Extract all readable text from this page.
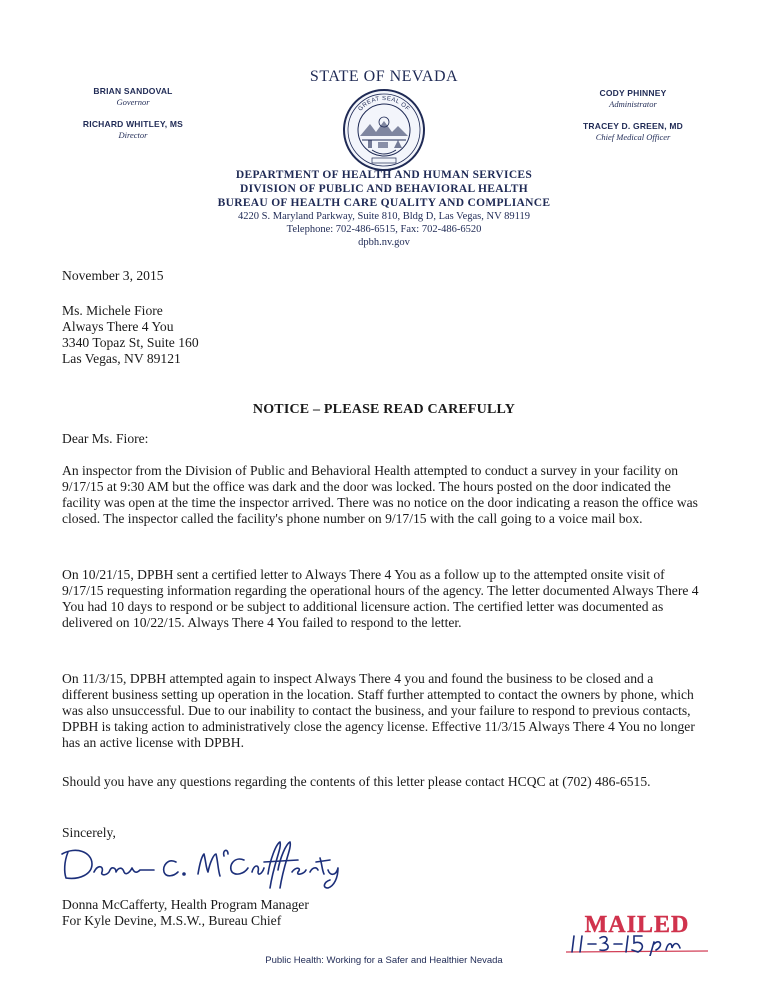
STATE OF NEVADA
BRIAN SANDOVAL
Governor
RICHARD WHITLEY, MS
Director
CODY PHINNEY
Administrator
TRACEY D. GREEN, MD
Chief Medical Officer
GREAT SEAL OF
DEPARTMENT OF HEALTH AND HUMAN SERVICES
DIVISION OF PUBLIC AND BEHAVIORAL HEALTH
BUREAU OF HEALTH CARE QUALITY AND COMPLIANCE
4220 S. Maryland Parkway, Suite 810, Bldg D, Las Vegas, NV 89119
Telephone: 702-486-6515, Fax: 702-486-6520
dpbh.nv.gov
November 3, 2015
Ms. Michele Fiore
Always There 4 You
3340 Topaz St, Suite 160
Las Vegas, NV 89121
NOTICE – PLEASE READ CAREFULLY
Dear Ms. Fiore:
An inspector from the Division of Public and Behavioral Health attempted to conduct a survey in your facility on 9/17/15 at 9:30 AM but the office was dark and the door was locked. The hours posted on the door indicated the facility was open at the time the inspector arrived. There was no notice on the door indicating a reason the office was closed. The inspector called the facility's phone number on 9/17/15 with the call going to a voice mail box.
On 10/21/15, DPBH sent a certified letter to Always There 4 You as a follow up to the attempted onsite visit of 9/17/15 requesting information regarding the operational hours of the agency. The letter documented Always There 4 You had 10 days to respond or be subject to additional licensure action. The certified letter was documented as delivered on 10/22/15. Always There 4 You failed to respond to the letter.
On 11/3/15, DPBH attempted again to inspect Always There 4 you and found the business to be closed and a different business setting up operation in the location. Staff further attempted to contact the owners by phone, which was also unsuccessful. Due to our inability to contact the business, and your failure to respond to previous contacts, DPBH is taking action to administratively close the agency license. Effective 11/3/15 Always There 4 You no longer has an active license with DPBH.
Should you have any questions regarding the contents of this letter please contact HCQC at (702) 486-6515.
Sincerely,
Donna McCafferty, Health Program Manager
For Kyle Devine, M.S.W., Bureau Chief	MAILED
Public Health: Working for a Safer and Healthier Nevada
